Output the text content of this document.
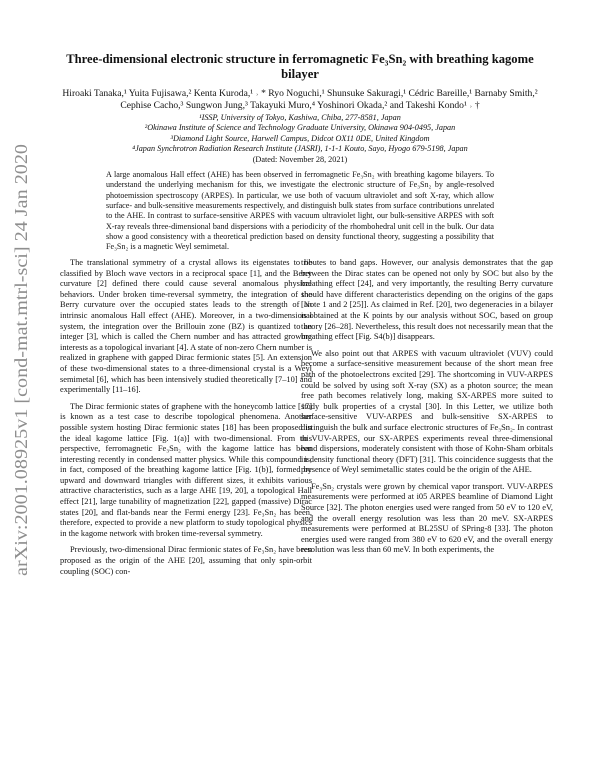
arXiv:2001.08925v1 [cond-mat.mtrl-sci] 24 Jan 2020
Three-dimensional electronic structure in ferromagnetic Fe₃Sn₂ with breathing kagome bilayer
Hiroaki Tanaka,¹ Yuita Fujisawa,² Kenta Kuroda,¹ ˒ * Ryo Noguchi,¹ Shunsuke Sakuragi,¹ Cédric Bareille,¹ Barnaby Smith,² Cephise Cacho,³ Sungwon Jung,³ Takayuki Muro,⁴ Yoshinori Okada,² and Takeshi Kondo¹ ˒ †
¹ISSP, University of Tokyo, Kashiwa, Chiba, 277-8581, Japan
²Okinawa Institute of Science and Technology Graduate University, Okinawa 904-0495, Japan
³Diamond Light Source, Harwell Campus, Didcot OX11 0DE, United Kingdom
⁴Japan Synchrotron Radiation Research Institute (JASRI), 1-1-1 Kouto, Sayo, Hyogo 679-5198, Japan
(Dated: November 28, 2021)
A large anomalous Hall effect (AHE) has been observed in ferromagnetic Fe₃Sn₂ with breathing kagome bilayers. To understand the underlying mechanism for this, we investigate the electronic structure of Fe₃Sn₂ by angle-resolved photoemission spectroscopy (ARPES). In particular, we use both of vacuum ultraviolet and soft X-ray, which allow surface- and bulk-sensitive measurements respectively, and distinguish bulk states from surface contributions unrelated to the AHE. In contrast to surface-sensitive ARPES with vacuum ultraviolet light, our bulk-sensitive ARPES with soft X-ray reveals three-dimensional band dispersions with a periodicity of the rhombohedral unit cell in the bulk. Our data show a good consistency with a theoretical prediction based on density functional theory, suggesting a possibility that Fe₃Sn₂ is a magnetic Weyl semimetal.

The translational symmetry of a crystal allows its eigenstates to be classified by Bloch wave vectors in a reciprocal space [1], and the Berry curvature [2] defined there could cause several anomalous physical behaviors. Under broken time-reversal symmetry, the integration of the Berry curvature over the occupied states leads to the strength of an intrinsic anomalous Hall effect (AHE). Moreover, in a two-dimensional system, the integration over the Brillouin zone (BZ) is quantized to an integer [3], which is called the Chern number and has attracted growing interests as a topological invariant [4]. A state of non-zero Chern number is realized in graphene with gapped Dirac fermionic states [5]. An extension of these two-dimensional states to a three-dimensional crystal is a Weyl semimetal [6], which has been intensively studied theoretically [7–10] and experimentally [11–16].

The Dirac fermionic states of graphene with the honeycomb lattice [17] is known as a test case to describe topological phenomena. Another possible system hosting Dirac fermionic states [18] has been proposed in the ideal kagome lattice [Fig. 1(a)] with two-dimensional. From this perspective, ferromagnetic Fe₃Sn₂ with the kagome lattice has been interesting recently in condensed matter physics. While this compound is, in fact, composed of the breathing kagome lattice [Fig. 1(b)], formed by upward and downward triangles with different sizes, it exhibits various attractive characteristics, such as a large AHE [19, 20], a topological Hall effect [21], large tunability of magnetization [22], gapped (massive) Dirac states [20], and flat-bands near the Fermi energy [23]. Fe₃Sn₂ has been, therefore, expected to provide a new platform to study topological physics in the kagome network with broken time-reversal symmetry.

Previously, two-dimensional Dirac fermionic states of Fe₃Sn₂ have been proposed as the origin of the AHE [20], assuming that only spin-orbit coupling (SOC) con-

tributes to band gaps. However, our analysis demonstrates that the gap between the Dirac states can be opened not only by SOC but also by the breathing effect [24], and very importantly, the resulting Berry curvature should have different characteristics depending on the origins of the gaps [Note 1 and 2 [25]]. As claimed in Ref. [20], two degeneracies in a bilayer is obtained at the K points by our analysis without SOC, based on group theory [26–28]. Nevertheless, this result does not necessarily mean that the breathing effect [Fig. S4(b)] disappears.

We also point out that ARPES with vacuum ultraviolet (VUV) could become a surface-sensitive measurement because of the short mean free path of the photoelectrons excited [29]. The shortcoming in VUV-ARPES could be solved by using soft X-ray (SX) as a photon source; the mean free path becomes relatively long, making SX-ARPES more suited to study bulk properties of a crystal [30]. In this Letter, we utilize both surface-sensitive VUV-ARPES and bulk-sensitive SX-ARPES to distinguish the bulk and surface electronic structures of Fe₃Sn₂. In contrast to VUV-ARPES, our SX-ARPES experiments reveal three-dimensional band dispersions, moderately consistent with those of Kohn-Sham orbitals in density functional theory (DFT) [31]. This coincidence suggests that the presence of Weyl semimetallic states could be the origin of the AHE.

Fe₃Sn₂ crystals were grown by chemical vapor transport. VUV-ARPES measurements were performed at i05 ARPES beamline of Diamond Light Source [32]. The photon energies used were ranged from 50 eV to 120 eV, and the overall energy resolution was less than 20 meV. SX-ARPES measurements were performed at BL25SU of SPring-8 [33]. The photon energies used were ranged from 380 eV to 620 eV, and the overall energy resolution was less than 60 meV. In both experiments, the
